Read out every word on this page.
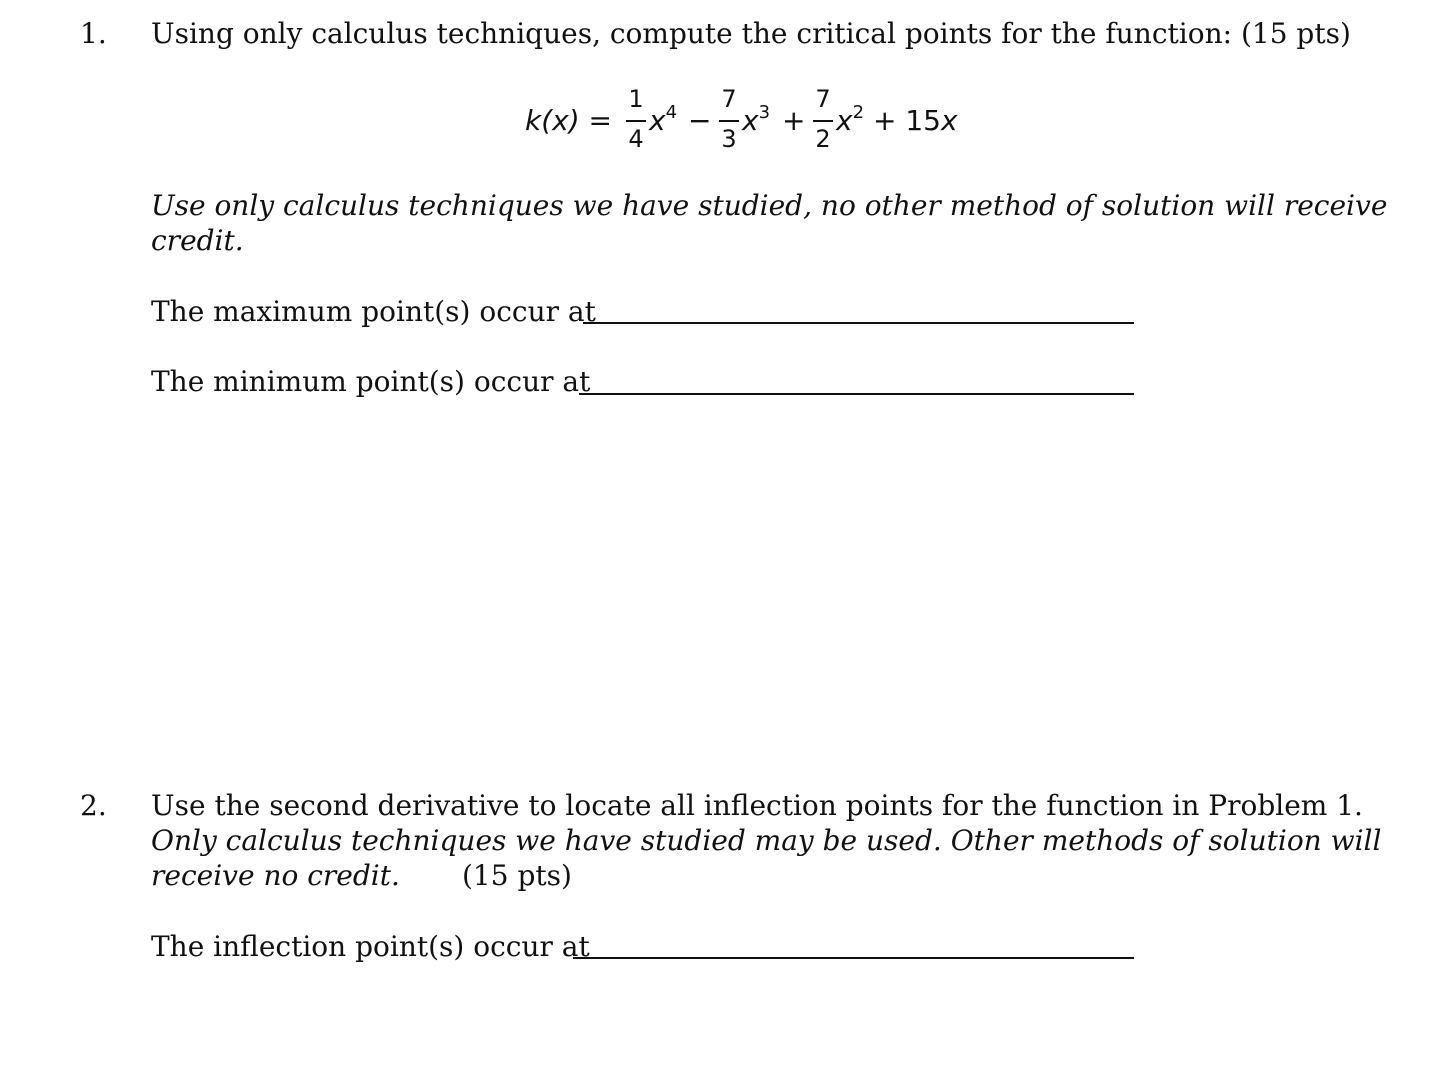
1. Using only calculus techniques, compute the critical points for the function: (15 pts)
k(x) =
1
4
$x^4$ −
7
3
$x^3$ +
7
2
$x^2 + 15x$
Use only calculus techniques we have studied, no other method of solution will receive
credit.
The maximum point(s) occur at
The minimum point(s) occur at
2. Use the second derivative to locate all inflection points for the function in Problem 1.
Only calculus techniques we have studied may be used. Other methods of solution will
receive no credit. (15 pts)
The inflection point(s) occur at
